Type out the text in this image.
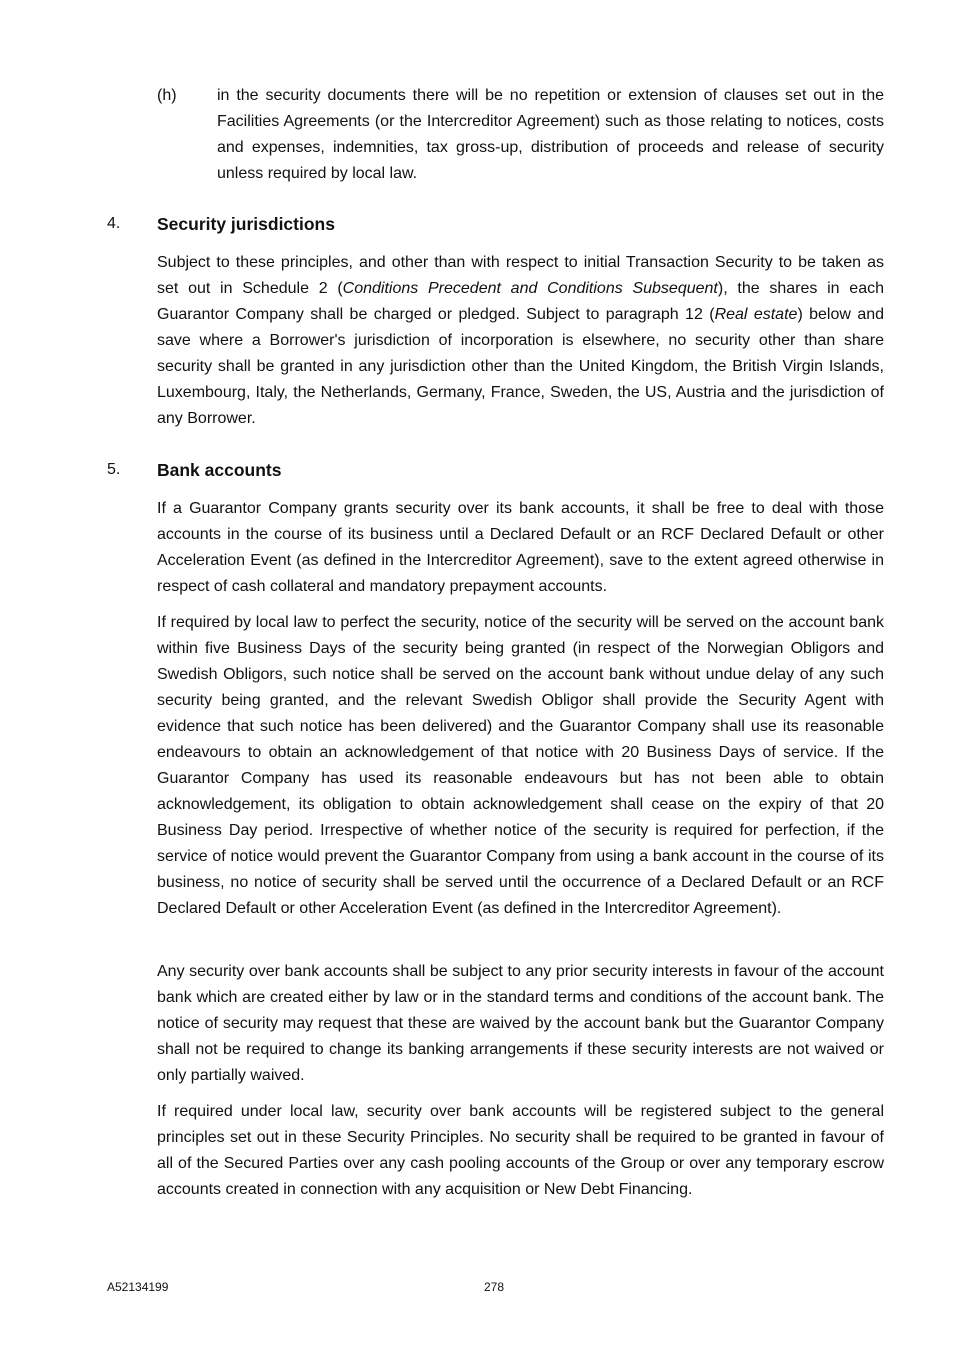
(h)	in the security documents there will be no repetition or extension of clauses set out in the Facilities Agreements (or the Intercreditor Agreement) such as those relating to notices, costs and expenses, indemnities, tax gross-up, distribution of proceeds and release of security unless required by local law.

4. Security jurisdictions

Subject to these principles, and other than with respect to initial Transaction Security to be taken as set out in Schedule 2 (Conditions Precedent and Conditions Subsequent), the shares in each Guarantor Company shall be charged or pledged. Subject to paragraph 12 (Real estate) below and save where a Borrower's jurisdiction of incorporation is elsewhere, no security other than share security shall be granted in any jurisdiction other than the United Kingdom, the British Virgin Islands, Luxembourg, Italy, the Netherlands, Germany, France, Sweden, the US, Austria and the jurisdiction of any Borrower.

5. Bank accounts

If a Guarantor Company grants security over its bank accounts, it shall be free to deal with those accounts in the course of its business until a Declared Default or an RCF Declared Default or other Acceleration Event (as defined in the Intercreditor Agreement), save to the extent agreed otherwise in respect of cash collateral and mandatory prepayment accounts.

If required by local law to perfect the security, notice of the security will be served on the account bank within five Business Days of the security being granted (in respect of the Norwegian Obligors and Swedish Obligors, such notice shall be served on the account bank without undue delay of any such security being granted, and the relevant Swedish Obligor shall provide the Security Agent with evidence that such notice has been delivered) and the Guarantor Company shall use its reasonable endeavours to obtain an acknowledgement of that notice with 20 Business Days of service. If the Guarantor Company has used its reasonable endeavours but has not been able to obtain acknowledgement, its obligation to obtain acknowledgement shall cease on the expiry of that 20 Business Day period. Irrespective of whether notice of the security is required for perfection, if the service of notice would prevent the Guarantor Company from using a bank account in the course of its business, no notice of security shall be served until the occurrence of a Declared Default or an RCF Declared Default or other Acceleration Event (as defined in the Intercreditor Agreement).

Any security over bank accounts shall be subject to any prior security interests in favour of the account bank which are created either by law or in the standard terms and conditions of the account bank. The notice of security may request that these are waived by the account bank but the Guarantor Company shall not be required to change its banking arrangements if these security interests are not waived or only partially waived.

If required under local law, security over bank accounts will be registered subject to the general principles set out in these Security Principles. No security shall be required to be granted in favour of all of the Secured Parties over any cash pooling accounts of the Group or over any temporary escrow accounts created in connection with any acquisition or New Debt Financing.

A52134199	278
